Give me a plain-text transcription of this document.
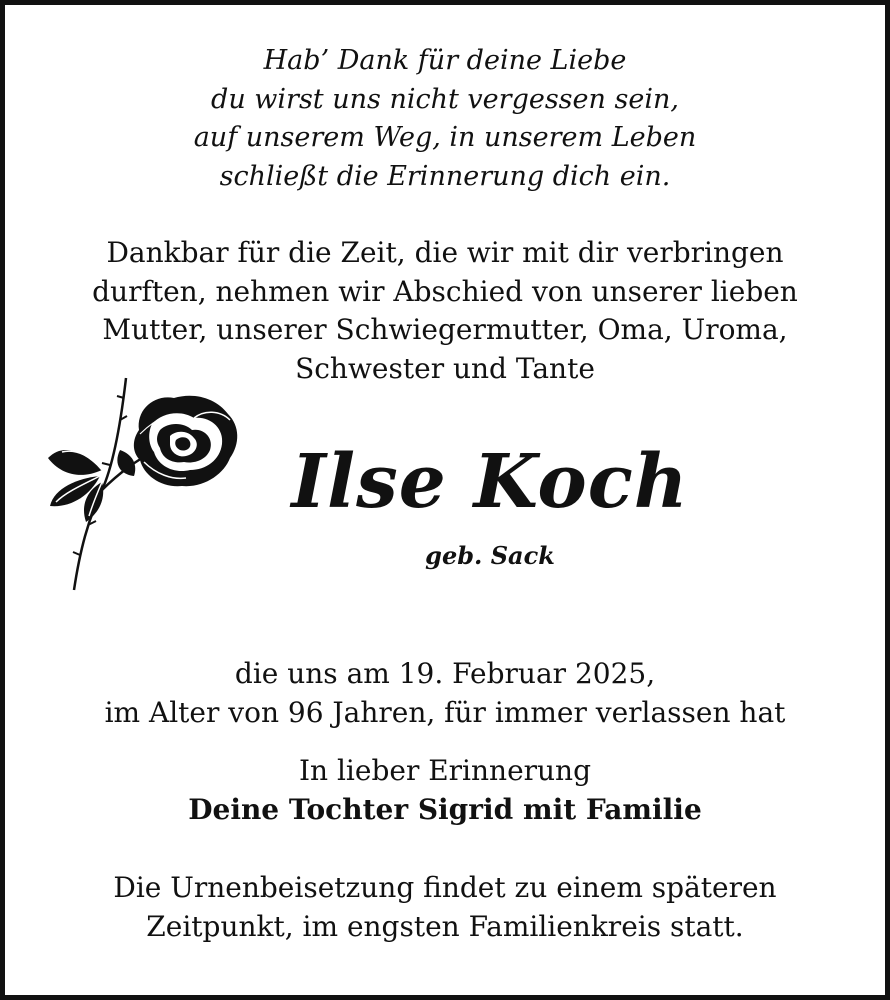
Hab’ Dank für deine Liebe
du wirst uns nicht vergessen sein,
auf unserem Weg, in unserem Leben
schließt die Erinnerung dich ein.
Dankbar für die Zeit, die wir mit dir verbringen
durften, nehmen wir Abschied von unserer lieben
Mutter, unserer Schwiegermutter, Oma, Uroma,
Schwester und Tante
Ilse Koch
geb. Sack
die uns am 19. Februar 2025,
im Alter von 96 Jahren, für immer verlassen hat
In lieber Erinnerung
Deine Tochter Sigrid mit Familie
Die Urnenbeisetzung findet zu einem späteren
Zeitpunkt, im engsten Familienkreis statt.
